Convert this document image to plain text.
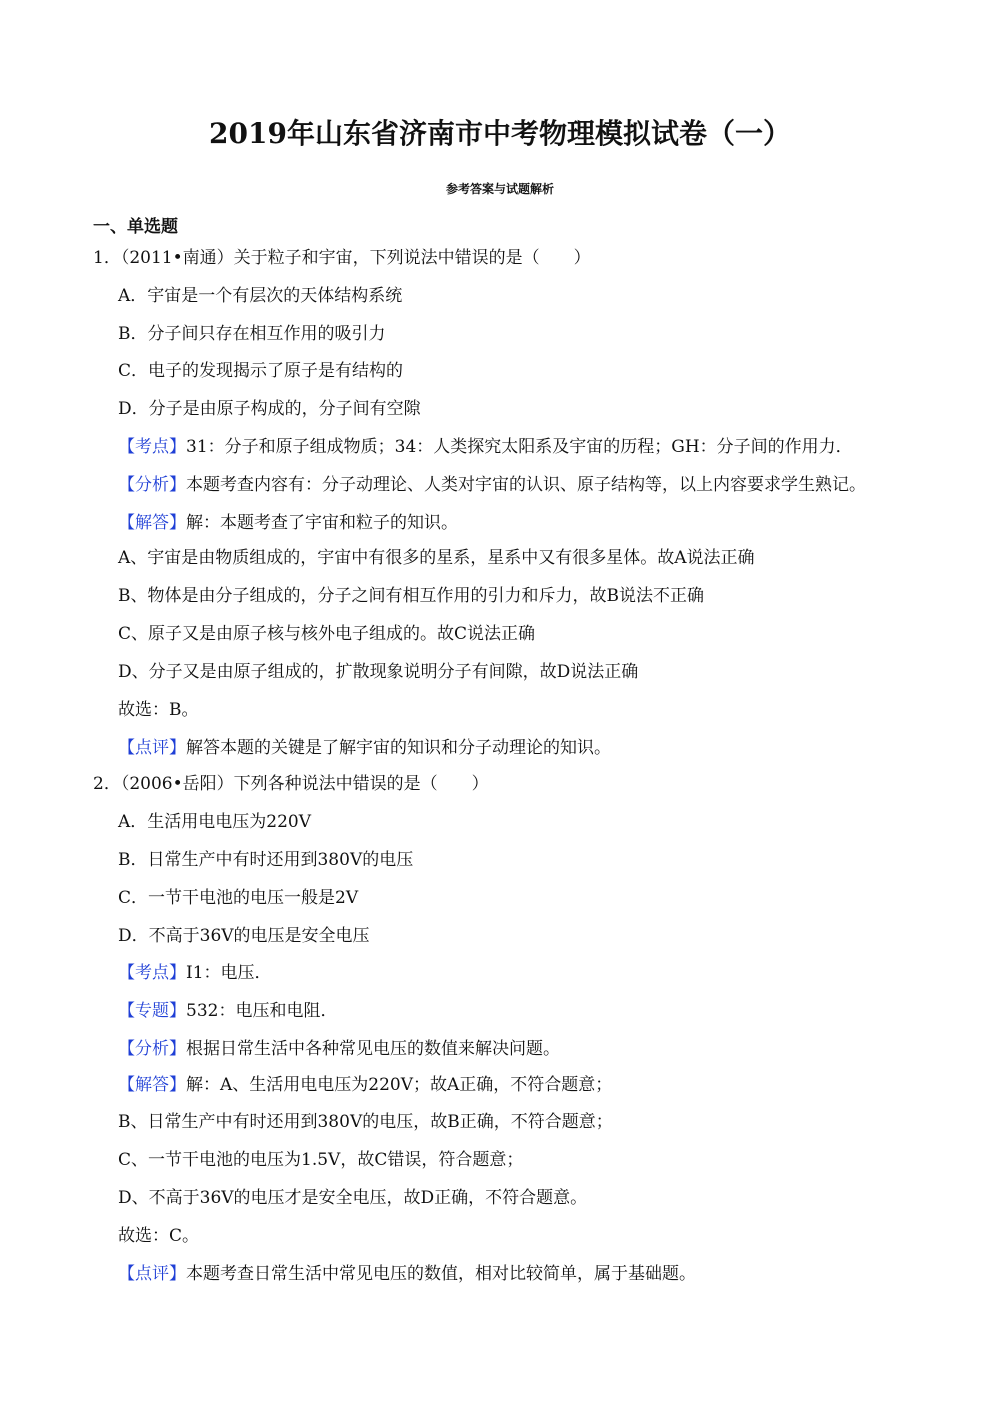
2019年山东省济南市中考物理模拟试卷（一）
参考答案与试题解析
一、单选题
1．（2011•南通）关于粒子和宇宙，下列说法中错误的是（　　）
A．宇宙是一个有层次的天体结构系统
B．分子间只存在相互作用的吸引力
C．电子的发现揭示了原子是有结构的
D．分子是由原子构成的，分子间有空隙
【考点】31：分子和原子组成物质；34：人类探究太阳系及宇宙的历程；GH：分子间的作用力．
【分析】本题考查内容有：分子动理论、人类对宇宙的认识、原子结构等，以上内容要求学生熟记。
【解答】解：本题考查了宇宙和粒子的知识。
A、宇宙是由物质组成的，宇宙中有很多的星系，星系中又有很多星体。故A说法正确
B、物体是由分子组成的，分子之间有相互作用的引力和斥力，故B说法不正确
C、原子又是由原子核与核外电子组成的。故C说法正确
D、分子又是由原子组成的，扩散现象说明分子有间隙，故D说法正确
故选：B。
【点评】解答本题的关键是了解宇宙的知识和分子动理论的知识。
2．（2006•岳阳）下列各种说法中错误的是（　　）
A．生活用电电压为220V
B．日常生产中有时还用到380V的电压
C．一节干电池的电压一般是2V
D．不高于36V的电压是安全电压
【考点】I1：电压．
【专题】532：电压和电阻．
【分析】根据日常生活中各种常见电压的数值来解决问题。
【解答】解：A、生活用电电压为220V；故A正确，不符合题意；
B、日常生产中有时还用到380V的电压，故B正确，不符合题意；
C、一节干电池的电压为1.5V，故C错误，符合题意；
D、不高于36V的电压才是安全电压，故D正确，不符合题意。
故选：C。
【点评】本题考查日常生活中常见电压的数值，相对比较简单，属于基础题。
